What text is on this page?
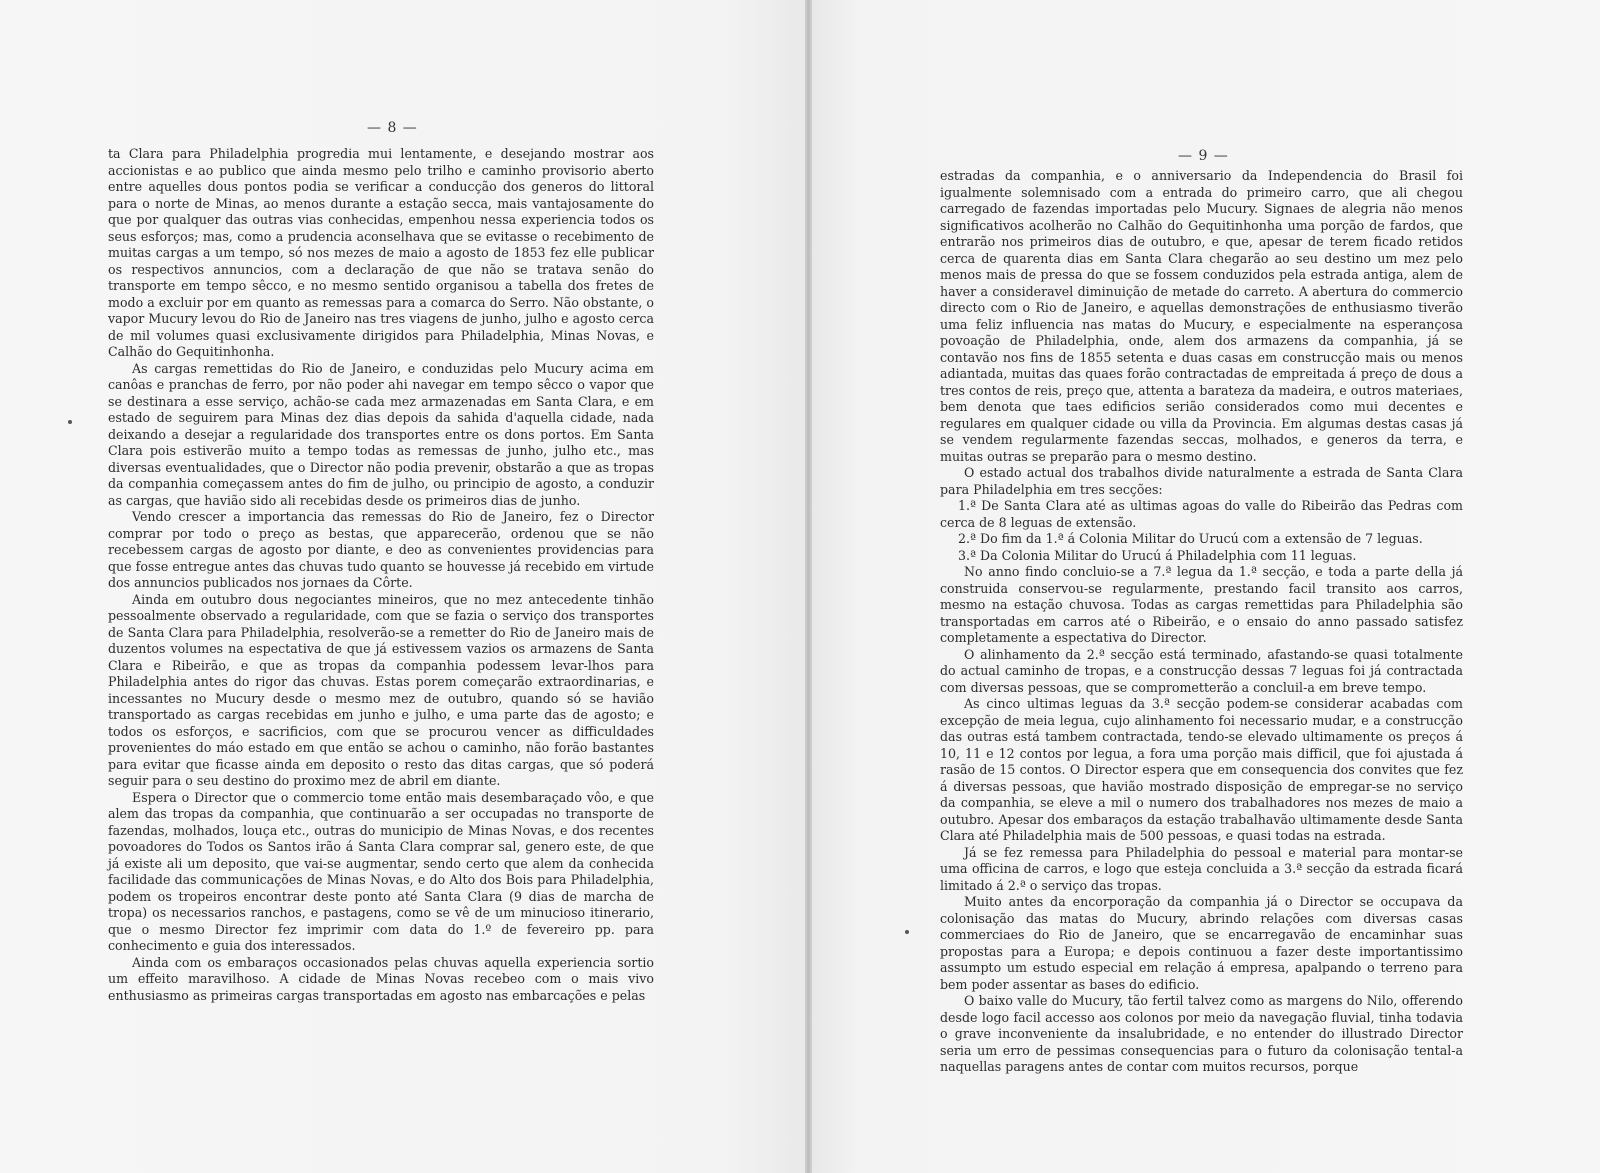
— 8 —

ta Clara para Philadelphia progredia mui lentamente, e desejando mostrar aos accionistas e ao publico que ainda mesmo pelo trilho e caminho provisorio aberto entre aquelles dous pontos podia se verificar a conducção dos generos do littoral para o norte de Minas, ao menos durante a estação secca, mais vantajosamente do que por qualquer das outras vias conhecidas, empenhou nessa experiencia todos os seus esforços; mas, como a prudencia aconselhava que se evitasse o recebimento de muitas cargas a um tempo, só nos mezes de maio a agosto de 1853 fez elle publicar os respectivos annuncios, com a declaração de que não se tratava senão do transporte em tempo sêcco, e no mesmo sentido organisou a tabella dos fretes de modo a excluir por em quanto as remessas para a comarca do Serro. Não obstante, o vapor Mucury levou do Rio de Janeiro nas tres viagens de junho, julho e agosto cerca de mil volumes quasi exclusivamente dirigidos para Philadelphia, Minas Novas, e Calhão do Gequitinhonha.

As cargas remettidas do Rio de Janeiro, e conduzidas pelo Mucury acima em canôas e pranchas de ferro, por não poder ahi navegar em tempo sêcco o vapor que se destinara a esse serviço, achão-se cada mez armazenadas em Santa Clara, e em estado de seguirem para Minas dez dias depois da sahida d'aquella cidade, nada deixando a desejar a regularidade dos transportes entre os dons portos. Em Santa Clara pois estiverão muito a tempo todas as remessas de junho, julho etc., mas diversas eventualidades, que o Director não podia prevenir, obstarão a que as tropas da companhia começassem antes do fim de julho, ou principio de agosto, a conduzir as cargas, que havião sido ali recebidas desde os primeiros dias de junho.

Vendo crescer a importancia das remessas do Rio de Janeiro, fez o Director comprar por todo o preço as bestas, que apparecerão, ordenou que se não recebessem cargas de agosto por diante, e deo as convenientes providencias para que fosse entregue antes das chuvas tudo quanto se houvesse já recebido em virtude dos annuncios publicados nos jornaes da Côrte.

Ainda em outubro dous negociantes mineiros, que no mez antecedente tinhão pessoalmente observado a regularidade, com que se fazia o serviço dos transportes de Santa Clara para Philadelphia, resolverão-se a remetter do Rio de Janeiro mais de duzentos volumes na espectativa de que já estivessem vazios os armazens de Santa Clara e Ribeirão, e que as tropas da companhia podessem levar-lhos para Philadelphia antes do rigor das chuvas. Estas porem começarão extraordinarias, e incessantes no Mucury desde o mesmo mez de outubro, quando só se havião transportado as cargas recebidas em junho e julho, e uma parte das de agosto; e todos os esforços, e sacrificios, com que se procurou vencer as difficuldades provenientes do máo estado em que então se achou o caminho, não forão bastantes para evitar que ficasse ainda em deposito o resto das ditas cargas, que só poderá seguir para o seu destino do proximo mez de abril em diante.

Espera o Director que o commercio tome então mais desembaraçado vôo, e que alem das tropas da companhia, que continuarão a ser occupadas no transporte de fazendas, molhados, louça etc., outras do municipio de Minas Novas, e dos recentes povoadores do Todos os Santos irão á Santa Clara comprar sal, genero este, de que já existe ali um deposito, que vai-se augmentar, sendo certo que alem da conhecida facilidade das communicações de Minas Novas, e do Alto dos Bois para Philadelphia, podem os tropeiros encontrar deste ponto até Santa Clara (9 dias de marcha de tropa) os necessarios ranchos, e pastagens, como se vê de um minucioso itinerario, que o mesmo Director fez imprimir com data do 1.º de fevereiro pp. para conhecimento e guia dos interessados.

Ainda com os embaraços occasionados pelas chuvas aquella experiencia sortio um effeito maravilhoso. A cidade de Minas Novas recebeo com o mais vivo enthusiasmo as primeiras cargas transportadas em agosto nas embarcações e pelas

estradas da companhia, e o anniversario da Independencia do Brasil foi igualmente solemnisado com a entrada do primeiro carro, que ali chegou carregado de fazendas importadas pelo Mucury. Signaes de alegria não menos significativos acolherão no Calhão do Gequitinhonha uma porção de fardos, que entrarão nos primeiros dias de outubro, e que, apesar de terem ficado retidos cerca de quarenta dias em Santa Clara chegarão ao seu destino um mez pelo menos mais de pressa do que se fossem conduzidos pela estrada antiga, alem de haver a consideravel diminuição de metade do carreto. A abertura do commercio directo com o Rio de Janeiro, e aquellas demonstrações de enthusiasmo tiverão uma feliz influencia nas matas do Mucury, e especialmente na esperançosa povoação de Philadelphia, onde, alem dos armazens da companhia, já se contavão nos fins de 1855 setenta e duas casas em construcção mais ou menos adiantada, muitas das quaes forão contractadas de empreitada á preço de dous a tres contos de reis, preço que, attenta a barateza da madeira, e outros materiaes, bem denota que taes edificios serião considerados como mui decentes e regulares em qualquer cidade ou villa da Provincia. Em algumas destas casas já se vendem regularmente fazendas seccas, molhados, e generos da terra, e muitas outras se preparão para o mesmo destino.

O estado actual dos trabalhos divide naturalmente a estrada de Santa Clara para Philadelphia em tres secções:

1.ª De Santa Clara até as ultimas agoas do valle do Ribeirão das Pedras com cerca de 8 leguas de extensão.

2.ª Do fim da 1.ª á Colonia Militar do Urucú com a extensão de 7 leguas.

3.ª Da Colonia Militar do Urucú á Philadelphia com 11 leguas.

No anno findo concluio-se a 7.ª legua da 1.ª secção, e toda a parte della já construida conservou-se regularmente, prestando facil transito aos carros, mesmo na estação chuvosa. Todas as cargas remettidas para Philadelphia são transportadas em carros até o Ribeirão, e o ensaio do anno passado satisfez completamente a espectativa do Director.

O alinhamento da 2.ª secção está terminado, afastando-se quasi totalmente do actual caminho de tropas, e a construcção dessas 7 leguas foi já contractada com diversas pessoas, que se comprometterão a concluil-a em breve tempo.

As cinco ultimas leguas da 3.ª secção podem-se considerar acabadas com excepção de meia legua, cujo alinhamento foi necessario mudar, e a construcção das outras está tambem contractada, tendo-se elevado ultimamente os preços á 10, 11 e 12 contos por legua, a fora uma porção mais difficil, que foi ajustada á rasão de 15 contos. O Director espera que em consequencia dos convites que fez á diversas pessoas, que havião mostrado disposição de empregar-se no serviço da companhia, se eleve a mil o numero dos trabalhadores nos mezes de maio a outubro. Apesar dos embaraços da estação trabalhavão ultimamente desde Santa Clara até Philadelphia mais de 500 pessoas, e quasi todas na estrada.

Já se fez remessa para Philadelphia do pessoal e material para montar-se uma officina de carros, e logo que esteja concluida a 3.ª secção da estrada ficará limitado á 2.ª o serviço das tropas.

Muito antes da encorporação da companhia já o Director se occupava da colonisação das matas do Mucury, abrindo relações com diversas casas commerciaes do Rio de Janeiro, que se encarregavão de encaminhar suas propostas para a Europa; e depois continuou a fazer deste importantissimo assumpto um estudo especial em relação á empresa, apalpando o terreno para bem poder assentar as bases do edificio.

O baixo valle do Mucury, tão fertil talvez como as margens do Nilo, offerendo desde logo facil accesso aos colonos por meio da navegação fluvial, tinha todavia o grave inconveniente da insalubridade, e no entender do illustrado Director seria um erro de pessimas consequencias para o futuro da colonisação tental-a naquellas paragens antes de contar com muitos recursos, porque

— 9 —
